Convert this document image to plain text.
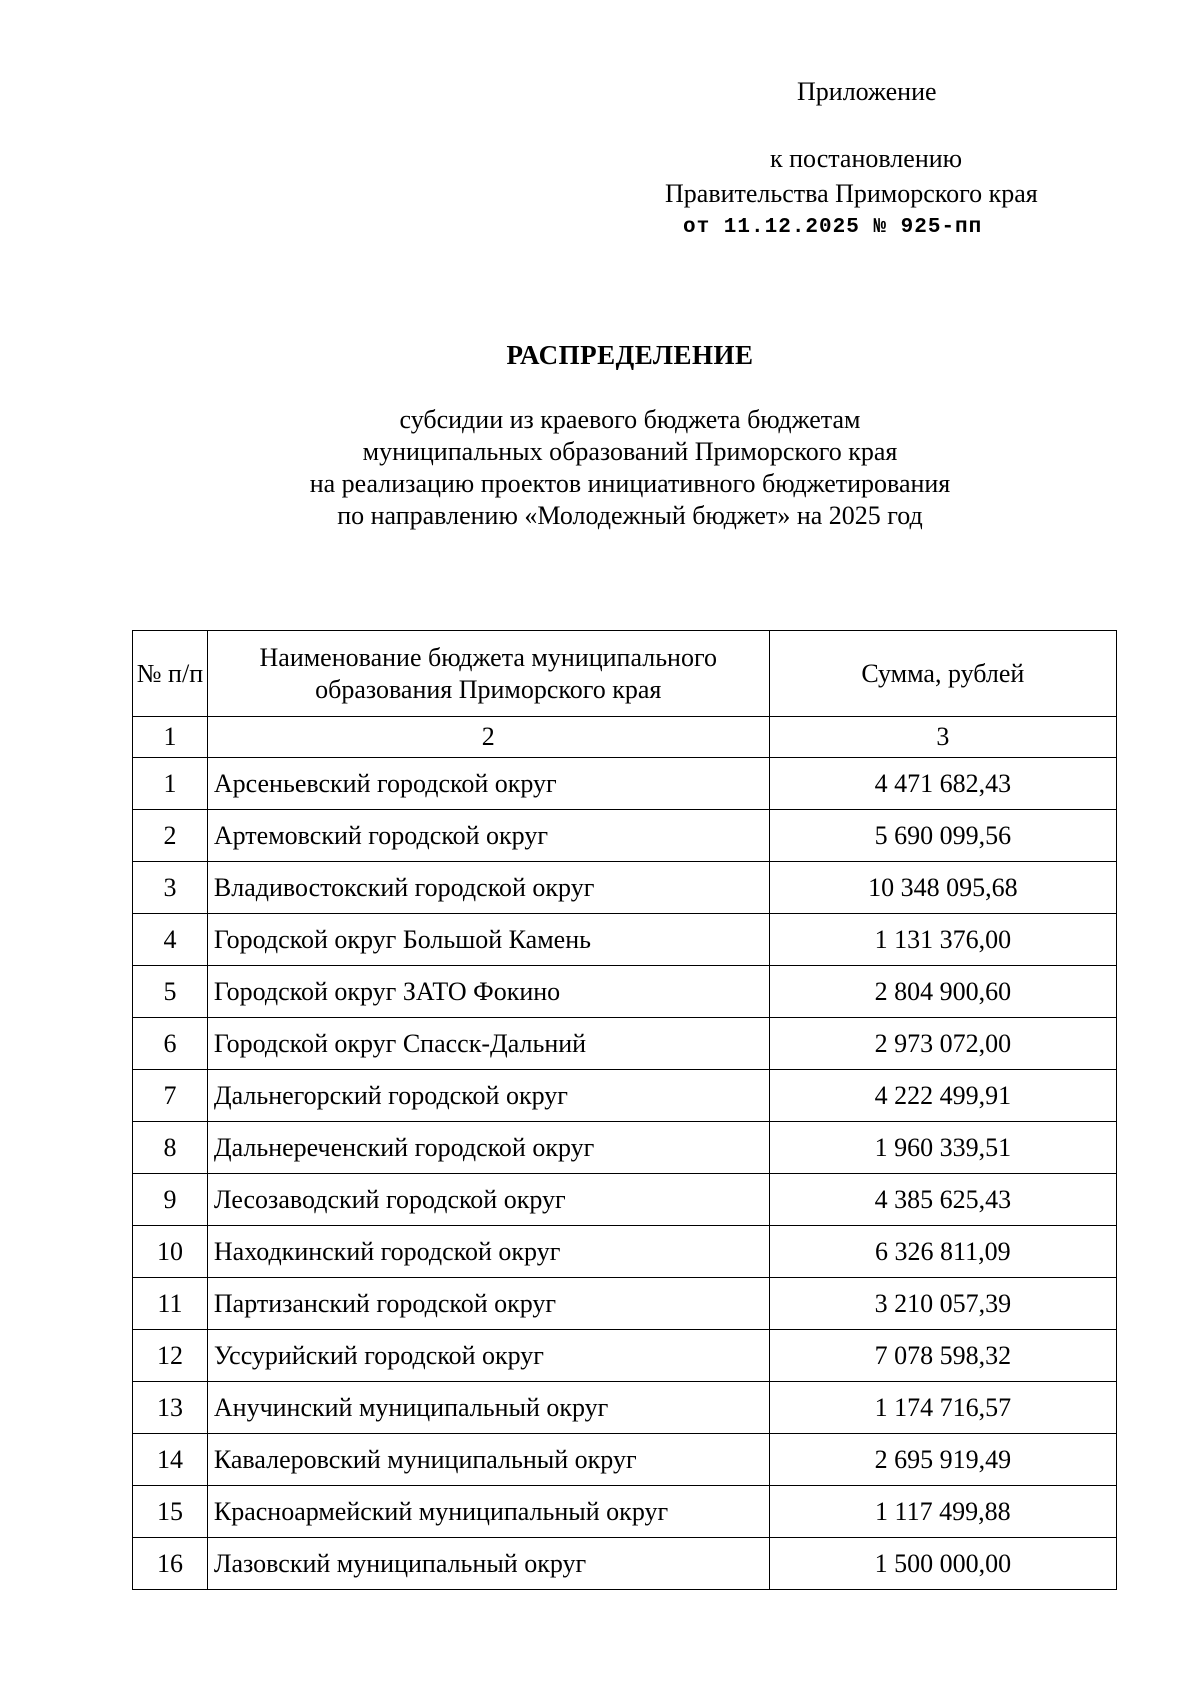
Приложение
к постановлению
Правительства Приморского края
от 11.12.2025 № 925-пп
РАСПРЕДЕЛЕНИЕ
субсидии из краевого бюджета бюджетам
муниципальных образований Приморского края
на реализацию проектов инициативного бюджетирования
по направлению «Молодежный бюджет» на 2025 год
№ п/п	Наименование бюджета муниципального образования Приморского края	Сумма, рублей
1	2	3
1	Арсеньевский городской округ	4 471 682,43
2	Артемовский городской округ	5 690 099,56
3	Владивостокский городской округ	10 348 095,68
4	Городской округ Большой Камень	1 131 376,00
5	Городской округ ЗАТО Фокино	2 804 900,60
6	Городской округ Спасск-Дальний	2 973 072,00
7	Дальнегорский городской округ	4 222 499,91
8	Дальнереченский городской округ	1 960 339,51
9	Лесозаводский городской округ	4 385 625,43
10	Находкинский городской округ	6 326 811,09
11	Партизанский городской округ	3 210 057,39
12	Уссурийский городской округ	7 078 598,32
13	Анучинский муниципальный округ	1 174 716,57
14	Кавалеровский муниципальный округ	2 695 919,49
15	Красноармейский муниципальный округ	1 117 499,88
16	Лазовский муниципальный округ	1 500 000,00
